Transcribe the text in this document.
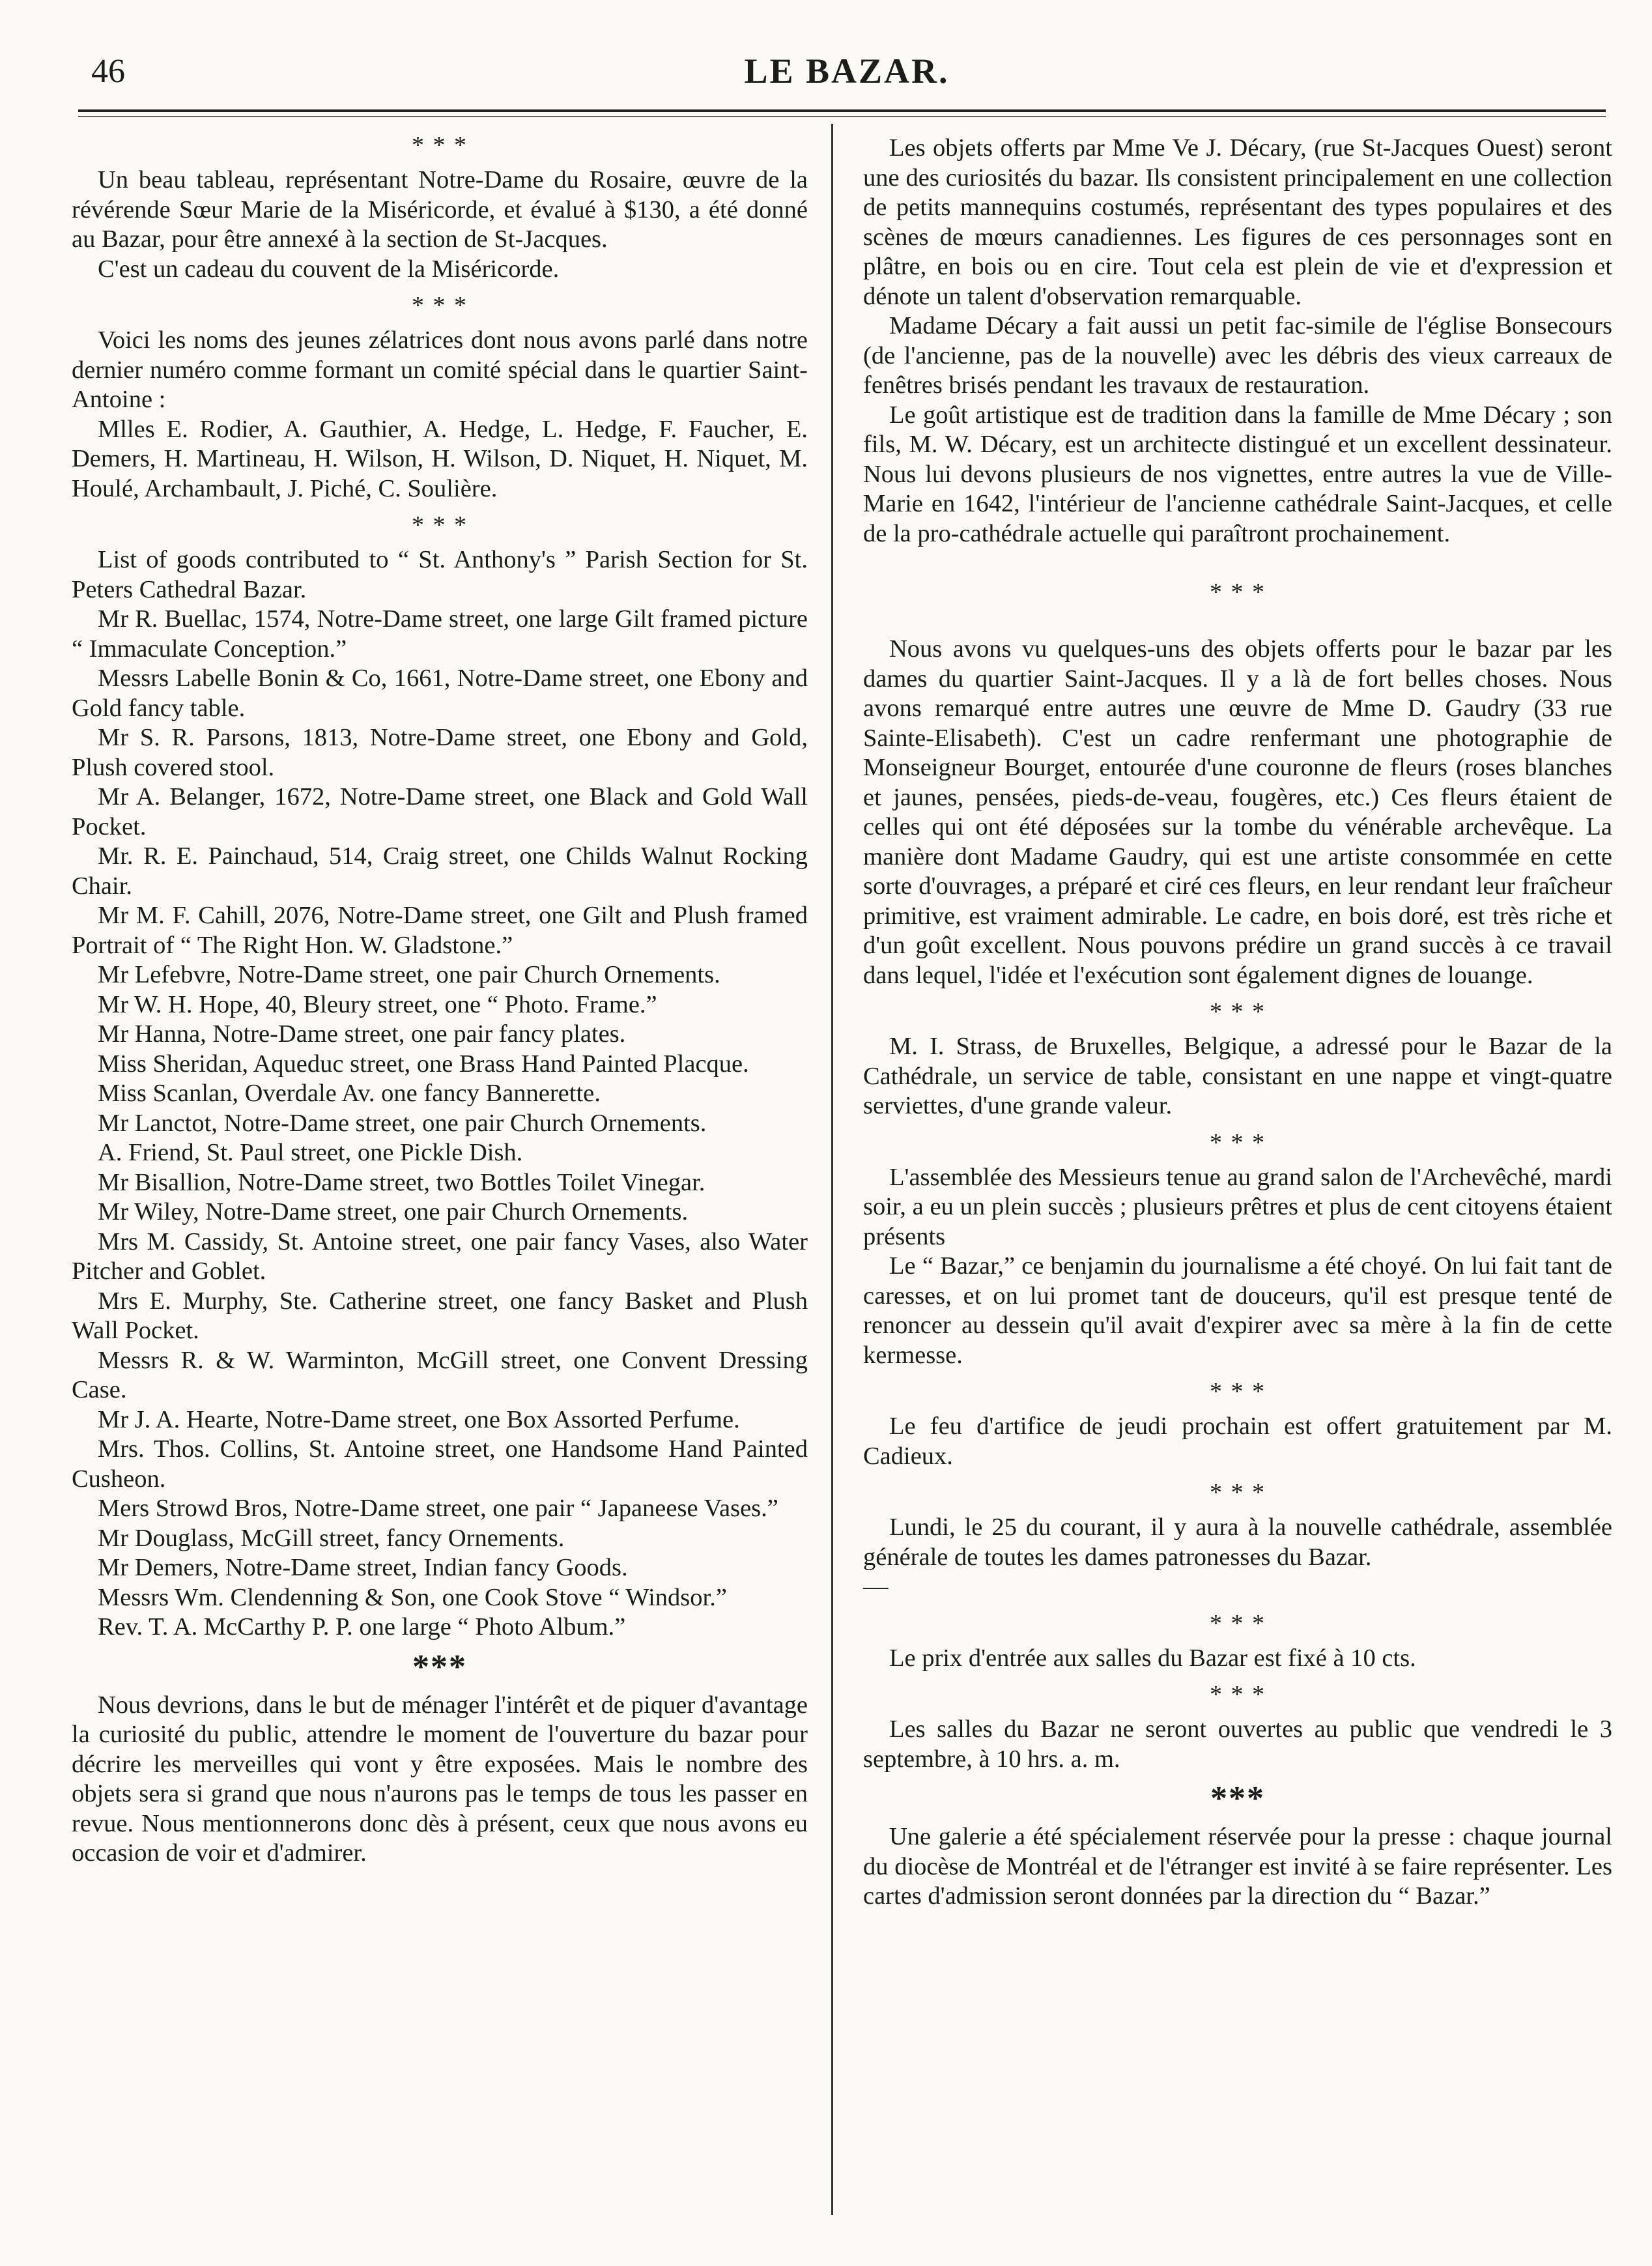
46	LE BAZAR.
* * *

Un beau tableau, représentant Notre-Dame du Rosaire, œuvre de la révérende Sœur Marie de la Miséricorde, et évalué à $130, a été donné au Bazar, pour être annexé à la section de St-Jacques.

C'est un cadeau du couvent de la Miséricorde.

* * *

Voici les noms des jeunes zélatrices dont nous avons parlé dans notre dernier numéro comme formant un comité spécial dans le quartier Saint-Antoine :

Mlles E. Rodier, A. Gauthier, A. Hedge, L. Hedge, F. Faucher, E. Demers, H. Martineau, H. Wilson, H. Wilson, D. Niquet, H. Niquet, M. Houlé, Archambault, J. Piché, C. Soulière.

* * *

List of goods contributed to “ St. Anthony's ” Parish Section for St. Peters Cathedral Bazar.

Mr R. Buellac, 1574, Notre-Dame street, one large Gilt framed picture “ Immaculate Conception.”

Messrs Labelle Bonin & Co, 1661, Notre-Dame street, one Ebony and Gold fancy table.

Mr S. R. Parsons, 1813, Notre-Dame street, one Ebony and Gold, Plush covered stool.

Mr A. Belanger, 1672, Notre-Dame street, one Black and Gold Wall Pocket.

Mr. R. E. Painchaud, 514, Craig street, one Childs Walnut Rocking Chair.

Mr M. F. Cahill, 2076, Notre-Dame street, one Gilt and Plush framed Portrait of “ The Right Hon. W. Gladstone.”

Mr Lefebvre, Notre-Dame street, one pair Church Ornements.

Mr W. H. Hope, 40, Bleury street, one “ Photo. Frame.”

Mr Hanna, Notre-Dame street, one pair fancy plates.

Miss Sheridan, Aqueduc street, one Brass Hand Painted Placque.

Miss Scanlan, Overdale Av. one fancy Bannerette.

Mr Lanctot, Notre-Dame street, one pair Church Ornements.

A. Friend, St. Paul street, one Pickle Dish.

Mr Bisallion, Notre-Dame street, two Bottles Toilet Vinegar.

Mr Wiley, Notre-Dame street, one pair Church Ornements.

Mrs M. Cassidy, St. Antoine street, one pair fancy Vases, also Water Pitcher and Goblet.

Mrs E. Murphy, Ste. Catherine street, one fancy Basket and Plush Wall Pocket.

Messrs R. & W. Warminton, McGill street, one Convent Dressing Case.

Mr J. A. Hearte, Notre-Dame street, one Box Assorted Perfume.

Mrs. Thos. Collins, St. Antoine street, one Handsome Hand Painted Cusheon.

Mers Strowd Bros, Notre-Dame street, one pair “ Japaneese Vases.”

Mr Douglass, McGill street, fancy Ornements.

Mr Demers, Notre-Dame street, Indian fancy Goods.

Messrs Wm. Clendenning & Son, one Cook Stove “ Windsor.”

Rev. T. A. McCarthy P. P. one large “ Photo Album.”

***

Nous devrions, dans le but de ménager l'intérêt et de piquer d'avantage la curiosité du public, attendre le moment de l'ouverture du bazar pour décrire les merveilles qui vont y être exposées. Mais le nombre des objets sera si grand que nous n'aurons pas le temps de tous les passer en revue. Nous mentionnerons donc dès à présent, ceux que nous avons eu occasion de voir et d'admirer.

Les objets offerts par Mme Ve J. Décary, (rue St-Jacques Ouest) seront une des curiosités du bazar. Ils consistent principalement en une collection de petits mannequins costumés, représentant des types populaires et des scènes de mœurs canadiennes. Les figures de ces personnages sont en plâtre, en bois ou en cire. Tout cela est plein de vie et d'expression et dénote un talent d'observation remarquable.

Madame Décary a fait aussi un petit fac-simile de l'église Bonsecours (de l'ancienne, pas de la nouvelle) avec les débris des vieux carreaux de fenêtres brisés pendant les travaux de restauration.

Le goût artistique est de tradition dans la famille de Mme Décary ; son fils, M. W. Décary, est un architecte distingué et un excellent dessinateur. Nous lui devons plusieurs de nos vignettes, entre autres la vue de Ville-Marie en 1642, l'intérieur de l'ancienne cathédrale Saint-Jacques, et celle de la pro-cathédrale actuelle qui paraîtront prochainement.

* * *

Nous avons vu quelques-uns des objets offerts pour le bazar par les dames du quartier Saint-Jacques. Il y a là de fort belles choses. Nous avons remarqué entre autres une œuvre de Mme D. Gaudry (33 rue Sainte-Elisabeth). C'est un cadre renfermant une photographie de Monseigneur Bourget, entourée d'une couronne de fleurs (roses blanches et jaunes, pensées, pieds-de-veau, fougères, etc.) Ces fleurs étaient de celles qui ont été déposées sur la tombe du vénérable archevêque. La manière dont Madame Gaudry, qui est une artiste consommée en cette sorte d'ouvrages, a préparé et ciré ces fleurs, en leur rendant leur fraîcheur primitive, est vraiment admirable. Le cadre, en bois doré, est très riche et d'un goût excellent. Nous pouvons prédire un grand succès à ce travail dans lequel, l'idée et l'exécution sont également dignes de louange.

* * *

M. I. Strass, de Bruxelles, Belgique, a adressé pour le Bazar de la Cathédrale, un service de table, consistant en une nappe et vingt-quatre serviettes, d'une grande valeur.

* * *

L'assemblée des Messieurs tenue au grand salon de l'Archevêché, mardi soir, a eu un plein succès ; plusieurs prêtres et plus de cent citoyens étaient présents

Le “ Bazar,” ce benjamin du journalisme a été choyé. On lui fait tant de caresses, et on lui promet tant de douceurs, qu'il est presque tenté de renoncer au dessein qu'il avait d'expirer avec sa mère à la fin de cette kermesse.

* * *

Le feu d'artifice de jeudi prochain est offert gratuitement par M. Cadieux.

* * *

Lundi, le 25 du courant, il y aura à la nouvelle cathédrale, assemblée générale de toutes les dames patronesses du Bazar.

—

* * *

Le prix d'entrée aux salles du Bazar est fixé à 10 cts.

* * *

Les salles du Bazar ne seront ouvertes au public que vendredi le 3 septembre, à 10 hrs. a. m.

***

Une galerie a été spécialement réservée pour la presse : chaque journal du diocèse de Montréal et de l'étranger est invité à se faire représenter. Les cartes d'admission seront données par la direction du “ Bazar.”
